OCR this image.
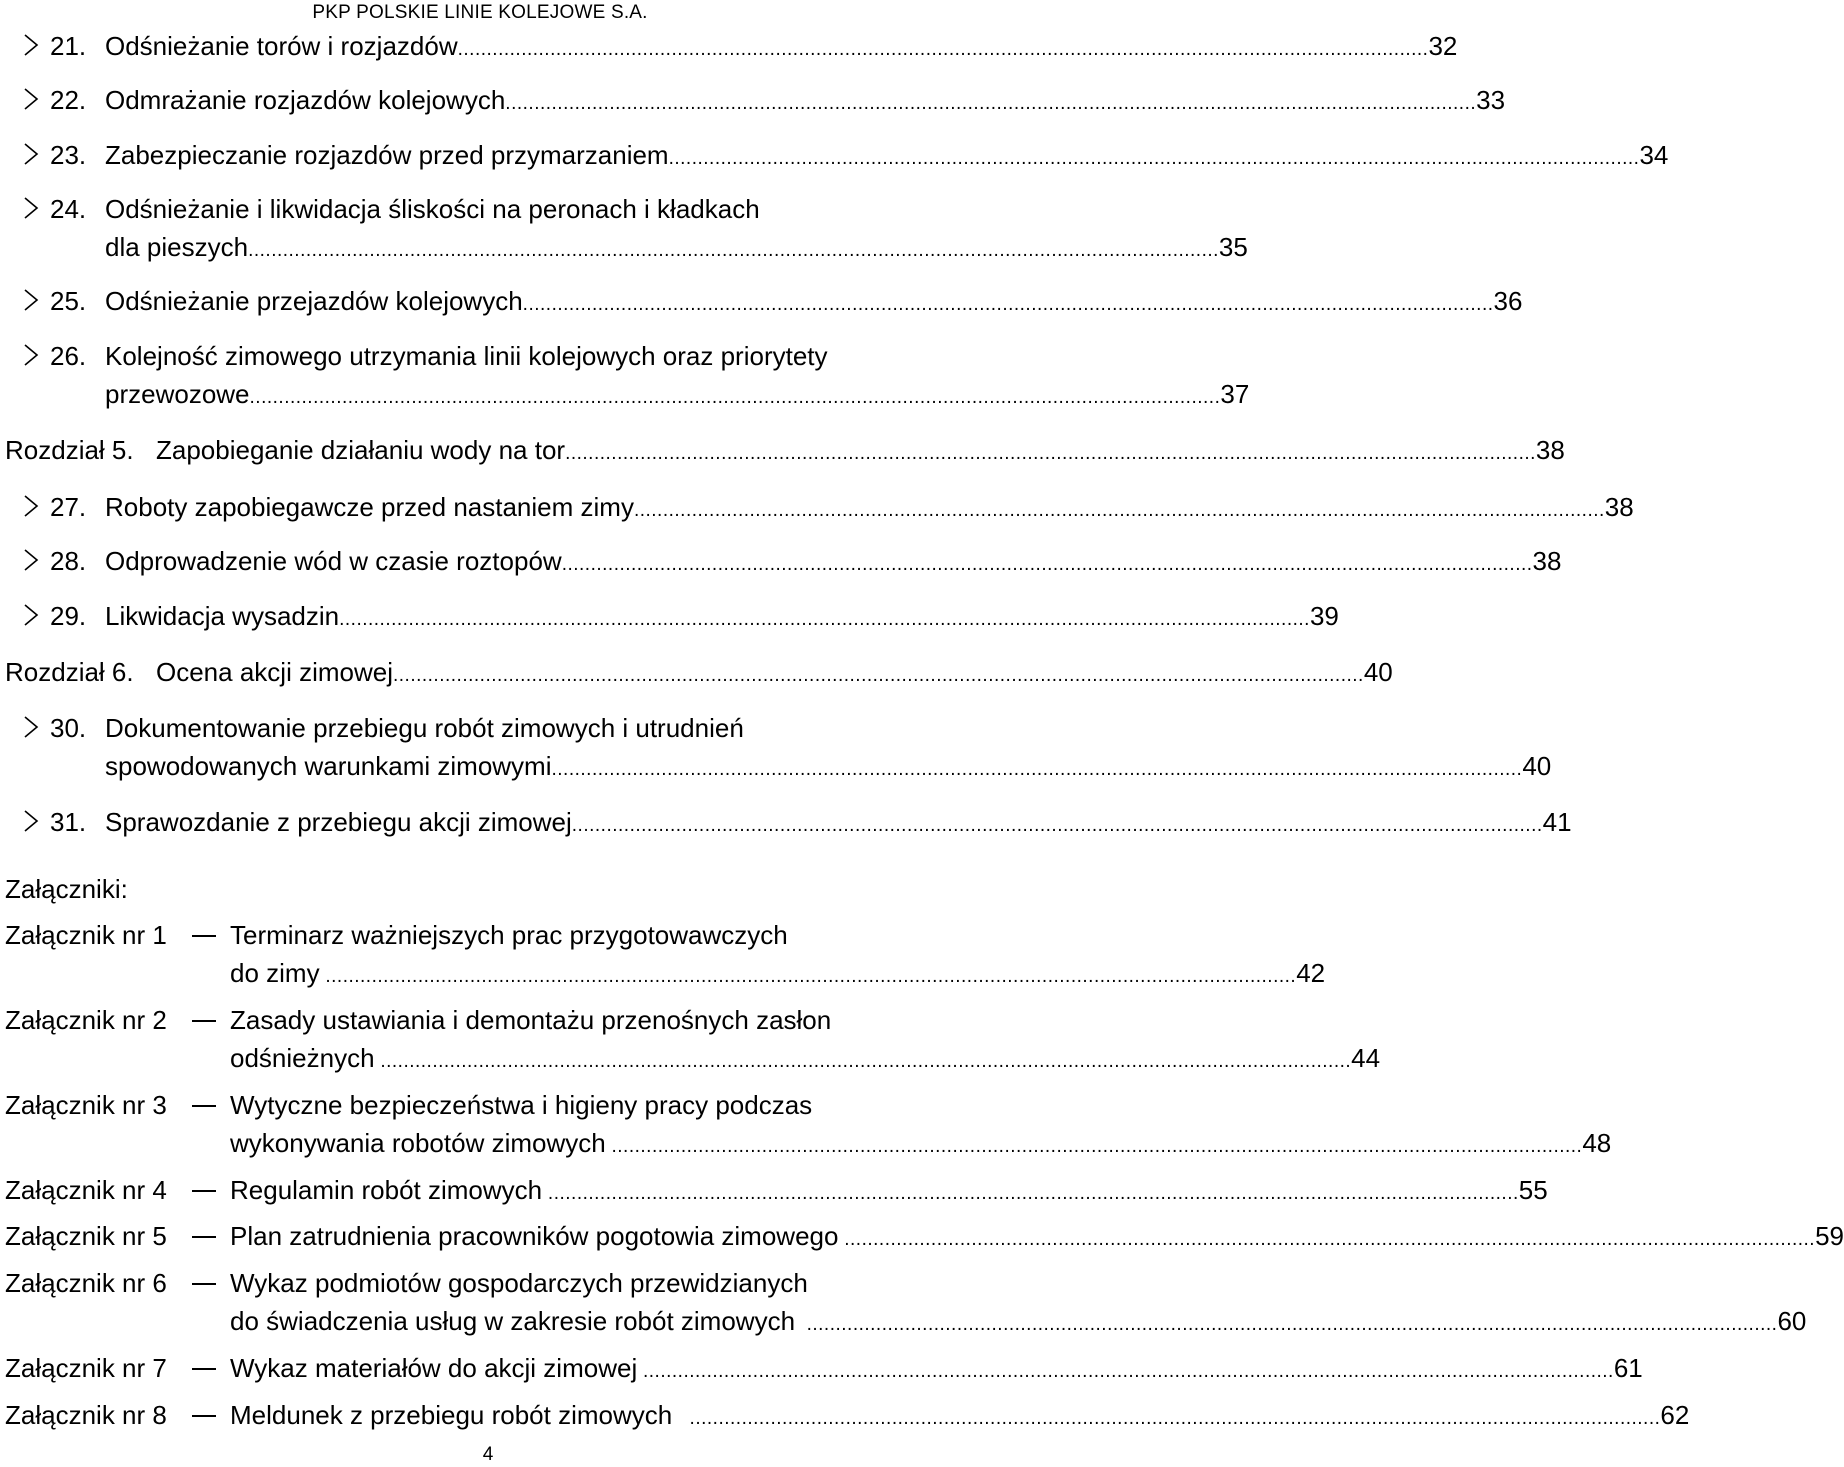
PKP POLSKIE LINIE KOLEJOWE S.A.
21. Odśnieżanie torów i rozjazdów ........................................................................................................................................................................ 32
22. Odmrażanie rozjazdów kolejowych ........................................................................................................................................................................ 33
23. Zabezpieczanie rozjazdów przed przymarzaniem ........................................................................................................................................................................ 34
24. Odśnieżanie i likwidacja śliskości na peronach i kładkach
dla pieszych ........................................................................................................................................................................ 35
25. Odśnieżanie przejazdów kolejowych ........................................................................................................................................................................ 36
26. Kolejność zimowego utrzymania linii kolejowych oraz priorytety
przewozowe ........................................................................................................................................................................ 37
Rozdział 5. Zapobieganie działaniu wody na tor ........................................................................................................................................................................ 38
27. Roboty zapobiegawcze przed nastaniem zimy ........................................................................................................................................................................ 38
28. Odprowadzenie wód w czasie roztopów ........................................................................................................................................................................ 38
29. Likwidacja wysadzin ........................................................................................................................................................................ 39
Rozdział 6. Ocena akcji zimowej ........................................................................................................................................................................ 40
30. Dokumentowanie przebiegu robót zimowych i utrudnień
spowodowanych warunkami zimowymi ........................................................................................................................................................................ 40
31. Sprawozdanie z przebiegu akcji zimowej ........................................................................................................................................................................ 41
Załączniki:
Załącznik nr 1 Terminarz ważniejszych prac przygotowawczych
do zimy ........................................................................................................................................................................ 42
Załącznik nr 2 Zasady ustawiania i demontażu przenośnych zasłon
odśnieżnych ........................................................................................................................................................................ 44
Załącznik nr 3 Wytyczne bezpieczeństwa i higieny pracy podczas
wykonywania robotów zimowych ........................................................................................................................................................................ 48
Załącznik nr 4 Regulamin robót zimowych ........................................................................................................................................................................ 55
Załącznik nr 5 Plan zatrudnienia pracowników pogotowia zimowego ........................................................................................................................................................................ 59
Załącznik nr 6 Wykaz podmiotów gospodarczych przewidzianych
do świadczenia usług w zakresie robót zimowych ........................................................................................................................................................................ 60
Załącznik nr 7 Wykaz materiałów do akcji zimowej ........................................................................................................................................................................ 61
Załącznik nr 8 Meldunek z przebiegu robót zimowych ........................................................................................................................................................................ 62
4
